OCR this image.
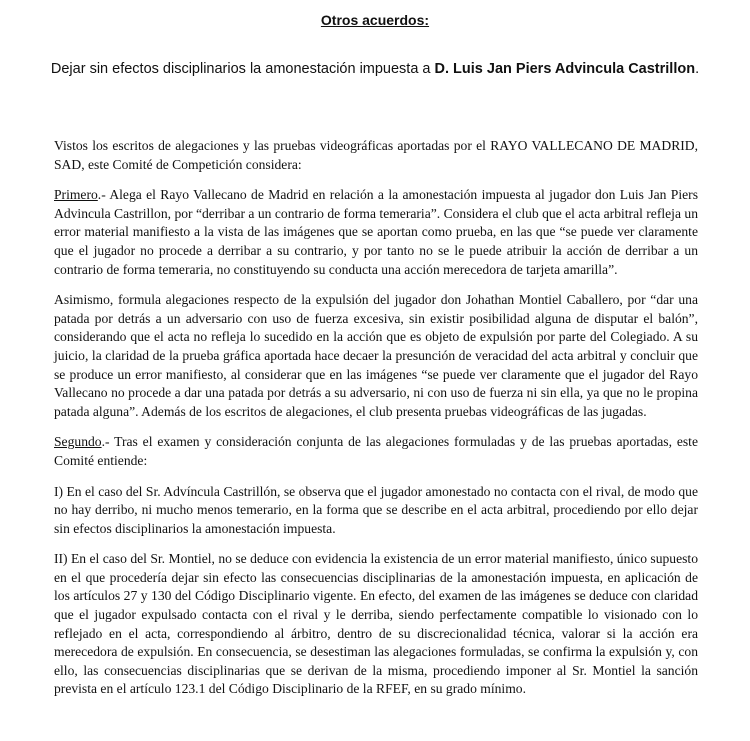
Otros acuerdos:

Dejar sin efectos disciplinarios la amonestación impuesta a D. Luis Jan Piers Advincula Castrillon.

Vistos los escritos de alegaciones y las pruebas videográficas aportadas por el RAYO VALLECANO DE MADRID, SAD, este Comité de Competición considera:

Primero.- Alega el Rayo Vallecano de Madrid en relación a la amonestación impuesta al jugador don Luis Jan Piers Advincula Castrillon, por “derribar a un contrario de forma temeraria”. Considera el club que el acta arbitral refleja un error material manifiesto a la vista de las imágenes que se aportan como prueba, en las que “se puede ver claramente que el jugador no procede a derribar a su contrario, y por tanto no se le puede atribuir la acción de derribar a un contrario de forma temeraria, no constituyendo su conducta una acción merecedora de tarjeta amarilla”.

Asimismo, formula alegaciones respecto de la expulsión del jugador don Johathan Montiel Caballero, por “dar una patada por detrás a un adversario con uso de fuerza excesiva, sin existir posibilidad alguna de disputar el balón”, considerando que el acta no refleja lo sucedido en la acción que es objeto de expulsión por parte del Colegiado. A su juicio, la claridad de la prueba gráfica aportada hace decaer la presunción de veracidad del acta arbitral y concluir que se produce un error manifiesto, al considerar que en las imágenes “se puede ver claramente que el jugador del Rayo Vallecano no procede a dar una patada por detrás a su adversario, ni con uso de fuerza ni sin ella, ya que no le propina patada alguna”. Además de los escritos de alegaciones, el club presenta pruebas videográficas de las jugadas.

Segundo.- Tras el examen y consideración conjunta de las alegaciones formuladas y de las pruebas aportadas, este Comité entiende:

I) En el caso del Sr. Advíncula Castrillón, se observa que el jugador amonestado no contacta con el rival, de modo que no hay derribo, ni mucho menos temerario, en la forma que se describe en el acta arbitral, procediendo por ello dejar sin efectos disciplinarios la amonestación impuesta.

II) En el caso del Sr. Montiel, no se deduce con evidencia la existencia de un error material manifiesto, único supuesto en el que procedería dejar sin efecto las consecuencias disciplinarias de la amonestación impuesta, en aplicación de los artículos 27 y 130 del Código Disciplinario vigente. En efecto, del examen de las imágenes se deduce con claridad que el jugador expulsado contacta con el rival y le derriba, siendo perfectamente compatible lo visionado con lo reflejado en el acta, correspondiendo al árbitro, dentro de su discrecionalidad técnica, valorar si la acción era merecedora de expulsión. En consecuencia, se desestiman las alegaciones formuladas, se confirma la expulsión y, con ello, las consecuencias disciplinarias que se derivan de la misma, procediendo imponer al Sr. Montiel la sanción prevista en el artículo 123.1 del Código Disciplinario de la RFEF, en su grado mínimo.
